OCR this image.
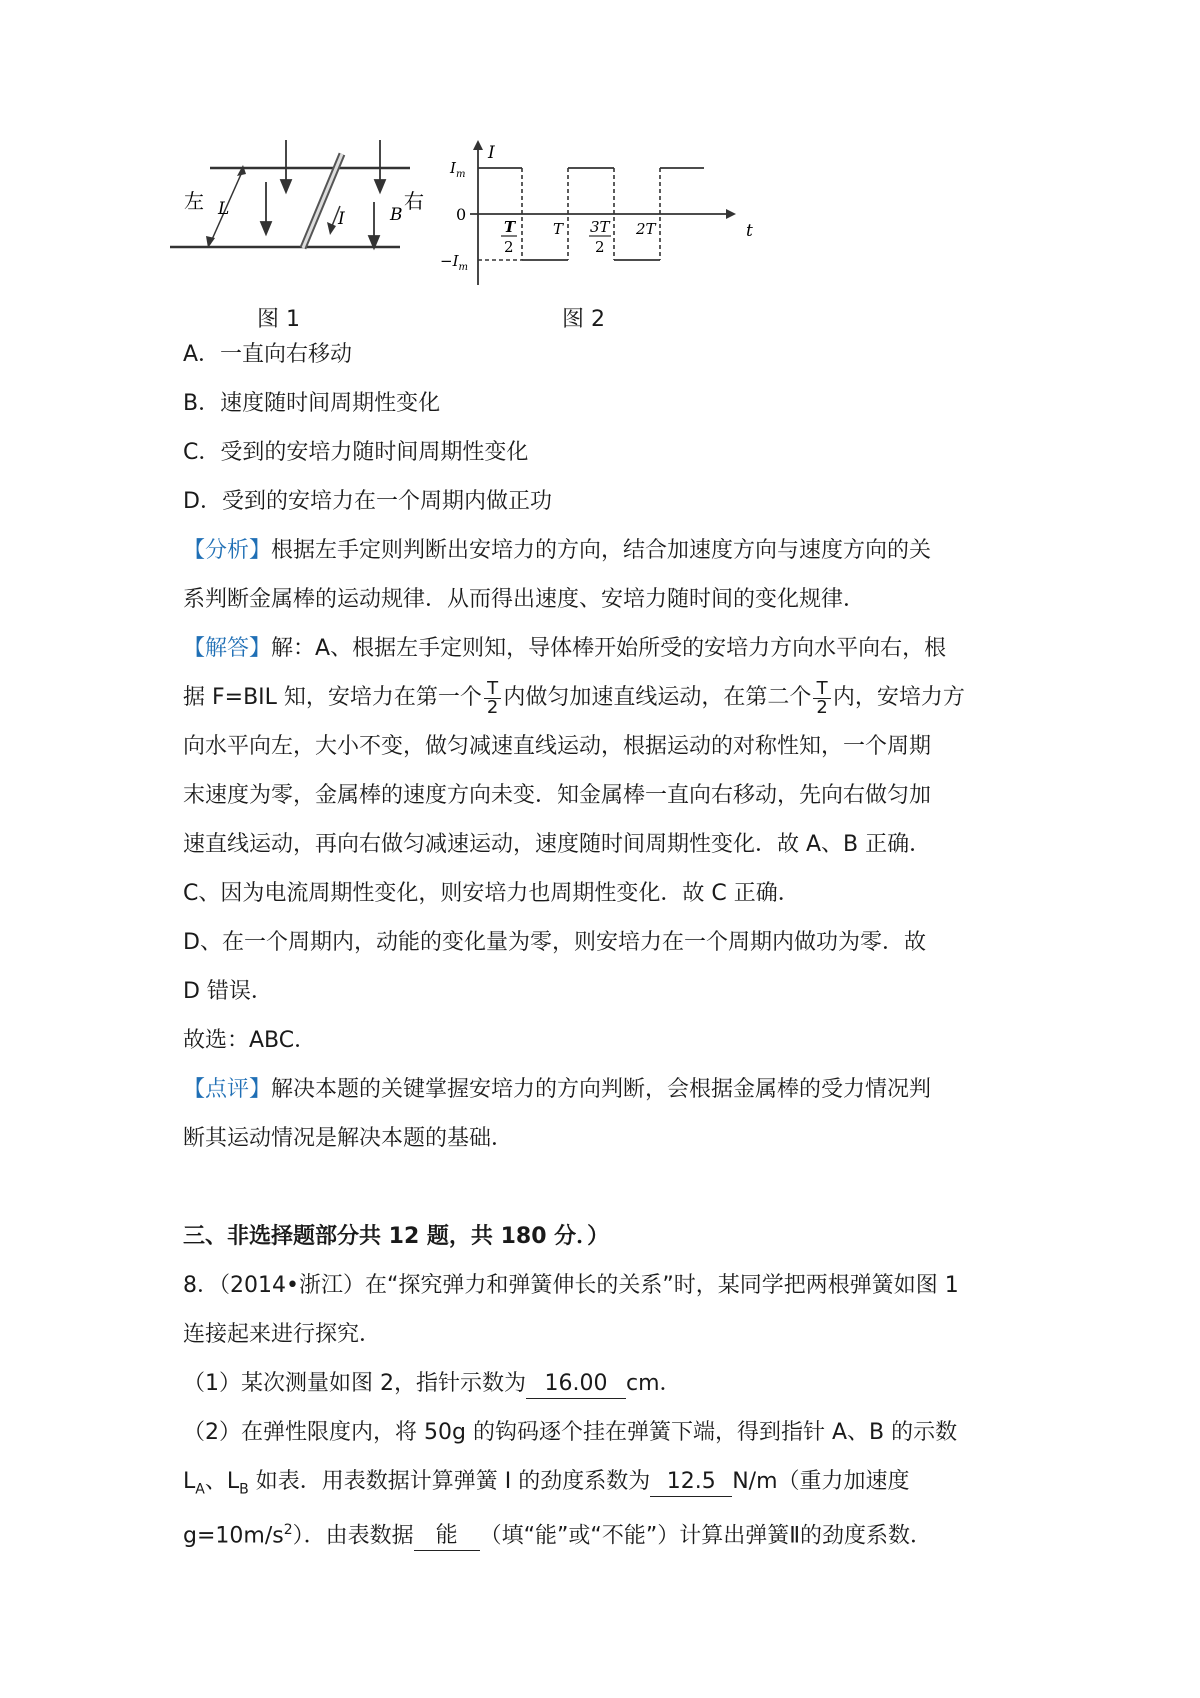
左	右
L	I	B
I
$I_m$
0
$-I_m$
t
T
2
T 3T
2
2T
图 1	图 2
A．一直向右移动
B．速度随时间周期性变化
C．受到的安培力随时间周期性变化
D．受到的安培力在一个周期内做正功
【分析】根据左手定则判断出安培力的方向，结合加速度方向与速度方向的关
系判断金属棒的运动规律．从而得出速度、安培力随时间的变化规律．
【解答】解：A、根据左手定则知，导体棒开始所受的安培力方向水平向右，根
据 F=BIL 知，安培力在第一个 $\frac{T}{2}$ 内做匀加速直线运动，在第二个 $\frac{T}{2}$ 内，安培力方
向水平向左，大小不变，做匀减速直线运动，根据运动的对称性知，一个周期
末速度为零，金属棒的速度方向未变．知金属棒一直向右移动，先向右做匀加
速直线运动，再向右做匀减速运动，速度随时间周期性变化．故 A、B 正确．
C、因为电流周期性变化，则安培力也周期性变化．故 C 正确．
D、在一个周期内，动能的变化量为零，则安培力在一个周期内做功为零．故
D 错误．
故选：ABC．
【点评】解决本题的关键掌握安培力的方向判断，会根据金属棒的受力情况判
断其运动情况是解决本题的基础．
三、非选择题部分共 12 题，共 180 分．）
8．（2014•浙江）在“探究弹力和弹簧伸长的关系”时，某同学把两根弹簧如图 1
连接起来进行探究．
（1）某次测量如图 2，指针示数为 16.00 cm．
（2）在弹性限度内，将 50g 的钩码逐个挂在弹簧下端，得到指针 A、B 的示数
$L_A$、$L_B$ 如表．用表数据计算弹簧 I 的劲度系数为 12.5 N/m（重力加速度
$g=10m/s^2$）．由表数据 能 （填“能”或“不能”）计算出弹簧Ⅱ的劲度系数．
